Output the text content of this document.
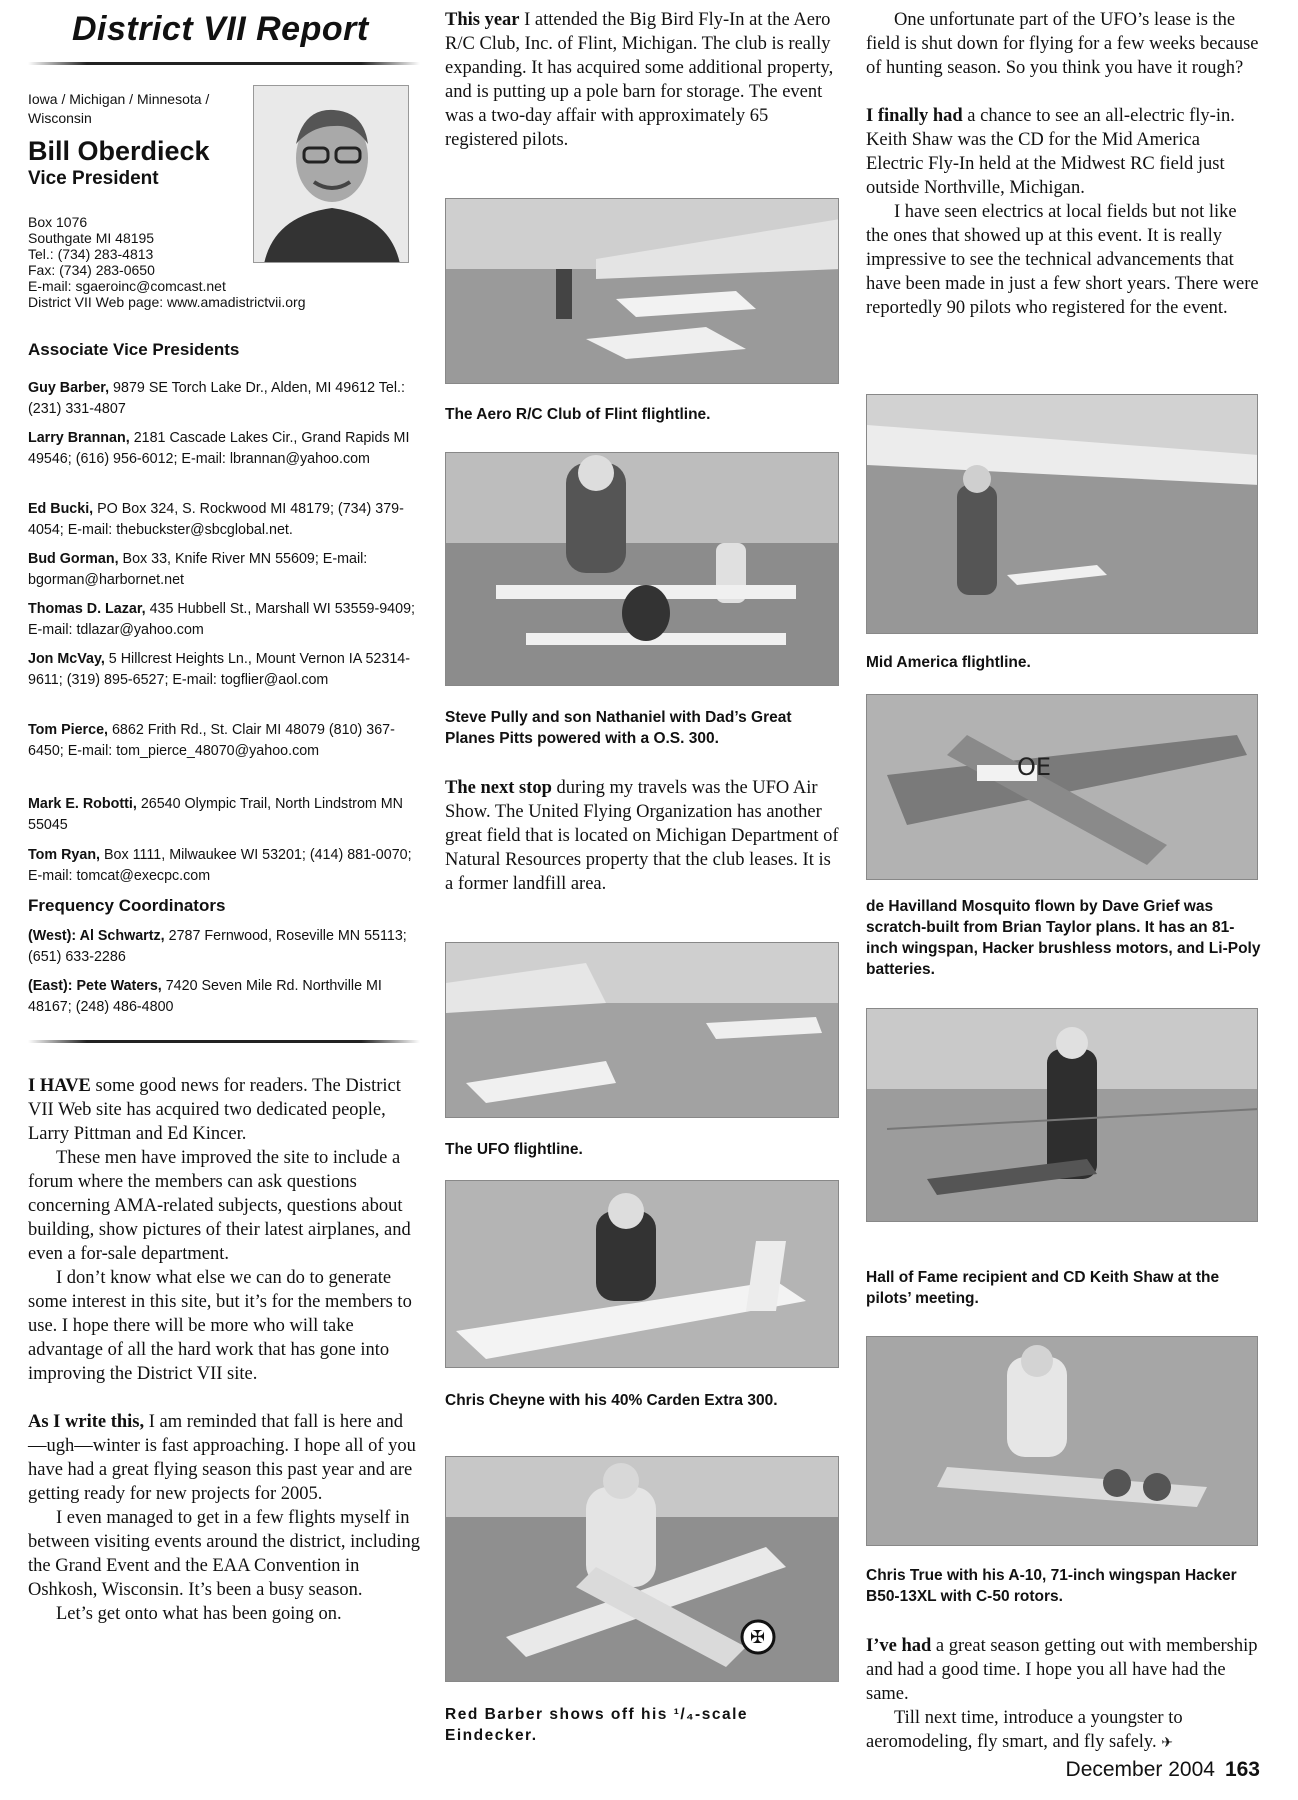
District VII Report
Iowa / Michigan / Minnesota / Wisconsin
Bill Oberdieck
Vice President
Box 1076
Southgate MI 48195
Tel.: (734) 283-4813
Fax: (734) 283-0650
E-mail: sgaeroinc@comcast.net
District VII Web page: www.amadistrictvii.org
Associate Vice Presidents
Guy Barber, 9879 SE Torch Lake Dr., Alden, MI 49612 Tel.: (231) 331-4807
Larry Brannan, 2181 Cascade Lakes Cir., Grand Rapids MI 49546; (616) 956-6012; E-mail: lbrannan@yahoo.com
Ed Bucki, PO Box 324, S. Rockwood MI 48179; (734) 379-4054; E-mail: thebuckster@sbcglobal.net.
Bud Gorman, Box 33, Knife River MN 55609; E-mail: bgorman@harbornet.net
Thomas D. Lazar, 435 Hubbell St., Marshall WI 53559-9409; E-mail: tdlazar@yahoo.com
Jon McVay, 5 Hillcrest Heights Ln., Mount Vernon IA 52314-9611; (319) 895-6527; E-mail: togflier@aol.com
Tom Pierce, 6862 Frith Rd., St. Clair MI 48079 (810) 367-6450; E-mail: tom_pierce_48070@yahoo.com
Mark E. Robotti, 26540 Olympic Trail, North Lindstrom MN 55045
Tom Ryan, Box 1111, Milwaukee WI 53201; (414) 881-0070; E-mail: tomcat@execpc.com
Frequency Coordinators
(West): Al Schwartz, 2787 Fernwood, Roseville MN 55113; (651) 633-2286
(East): Pete Waters, 7420 Seven Mile Rd. Northville MI 48167; (248) 486-4800

I HAVE some good news for readers. The District VII Web site has acquired two dedicated people, Larry Pittman and Ed Kincer.

These men have improved the site to include a forum where the members can ask questions concerning AMA-related subjects, questions about building, show pictures of their latest airplanes, and even a for-sale department.

I don’t know what else we can do to generate some interest in this site, but it’s for the members to use. I hope there will be more who will take advantage of all the hard work that has gone into improving the District VII site.

As I write this, I am reminded that fall is here and—ugh—winter is fast approaching. I hope all of you have had a great flying season this past year and are getting ready for new projects for 2005.

I even managed to get in a few flights myself in between visiting events around the district, including the Grand Event and the EAA Convention in Oshkosh, Wisconsin. It’s been a busy season.

Let’s get onto what has been going on.

This year I attended the Big Bird Fly-In at the Aero R/C Club, Inc. of Flint, Michigan. The club is really expanding. It has acquired some additional property, and is putting up a pole barn for storage. The event was a two-day affair with approximately 65 registered pilots.

The Aero R/C Club of Flint flightline.
Steve Pully and son Nathaniel with Dad’s Great Planes Pitts powered with a O.S. 300.

The next stop during my travels was the UFO Air Show. The United Flying Organization has another great field that is located on Michigan Department of Natural Resources property that the club leases. It is a former landfill area.

The UFO flightline.
Chris Cheyne with his 40% Carden Extra 300.
✠
Red Barber shows off his ¹/₄-scale Eindecker.

One unfortunate part of the UFO’s lease is the field is shut down for flying for a few weeks because of hunting season. So you think you have it rough?

I finally had a chance to see an all-electric fly-in. Keith Shaw was the CD for the Mid America Electric Fly-In held at the Midwest RC field just outside Northville, Michigan.

I have seen electrics at local fields but not like the ones that showed up at this event. It is really impressive to see the technical advancements that have been made in just a few short years. There were reportedly 90 pilots who registered for the event.

Mid America flightline.
OE
de Havilland Mosquito flown by Dave Grief was scratch-built from Brian Taylor plans. It has an 81-inch wingspan, Hacker brushless motors, and Li-Poly batteries.
Hall of Fame recipient and CD Keith Shaw at the pilots’ meeting.
Chris True with his A-10, 71-inch wingspan Hacker B50-13XL with C-50 rotors.

I’ve had a great season getting out with membership and had a good time. I hope you all have had the same.

Till next time, introduce a youngster to aeromodeling, fly smart, and fly safely. ✈

December 2004 163
